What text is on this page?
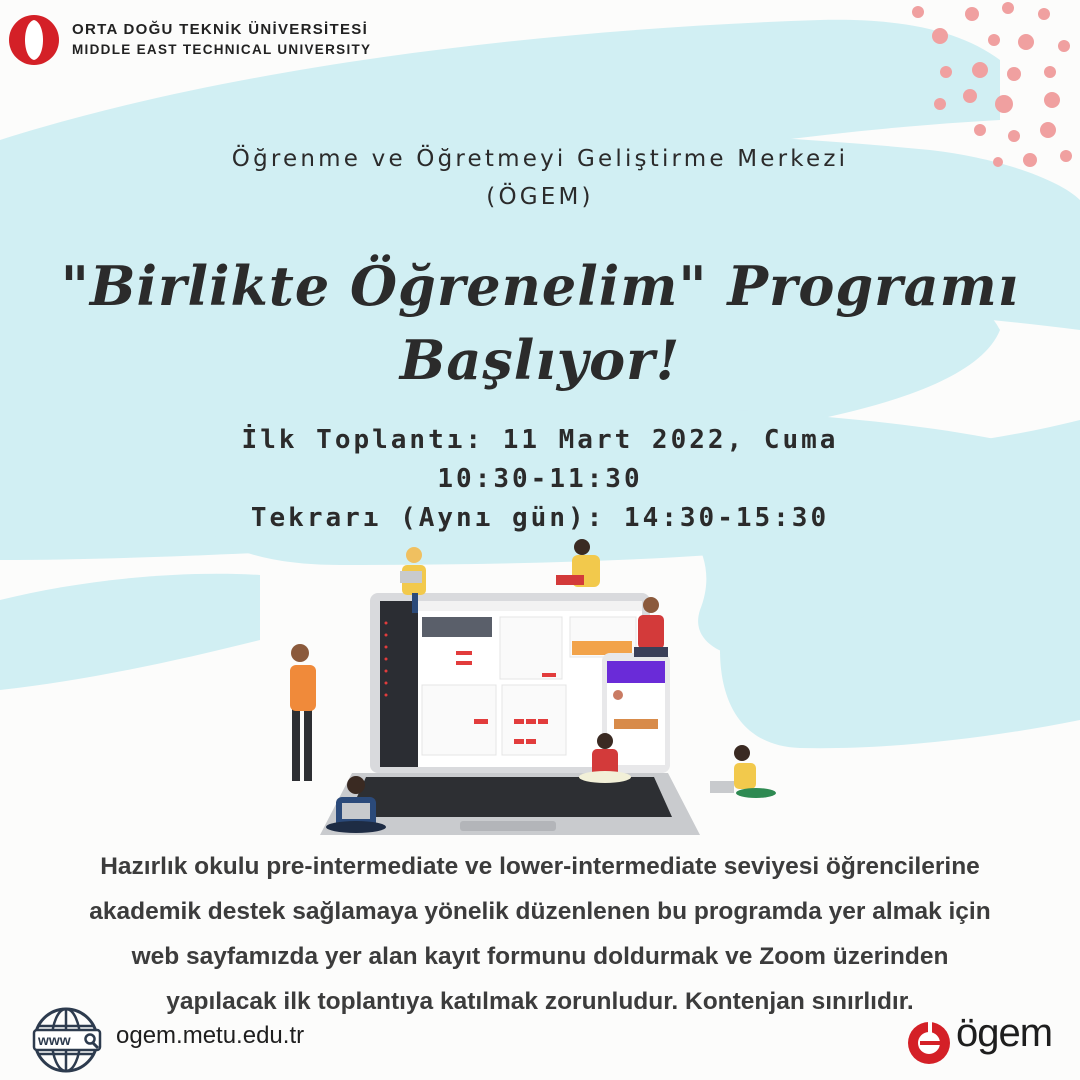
ORTA DOĞU TEKNİK ÜNİVERSİTESİ
MIDDLE EAST TECHNICAL UNIVERSITY
Öğrenme ve Öğretmeyi Geliştirme Merkezi
(ÖGEM)
"Birlikte Öğrenelim" Programı
Başlıyor!
İlk Toplantı: 11 Mart 2022, Cuma
10:30-11:30
Tekrarı (Aynı gün): 14:30-15:30
Hazırlık okulu pre-intermediate ve lower-intermediate seviyesi öğrencilerine
akademik destek sağlamaya yönelik düzenlenen bu programda yer almak için
web sayfamızda yer alan kayıt formunu doldurmak ve Zoom üzerinden
yapılacak ilk toplantıya katılmak zorunludur. Kontenjan sınırlıdır.
www ogem.metu.edu.tr	ögem
